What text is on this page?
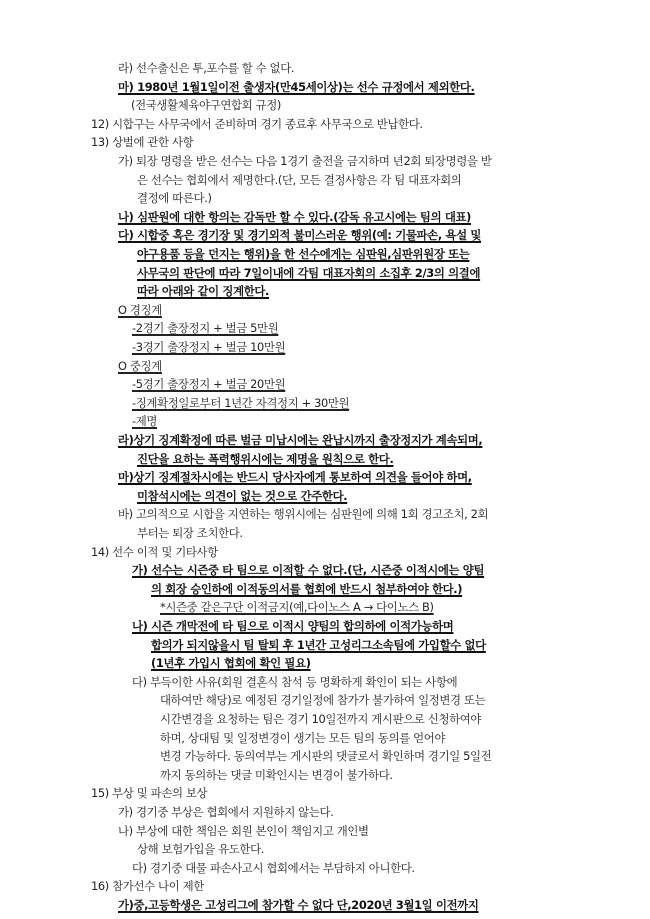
라) 선수출신은 투,포수를 할 수 없다.
마) 1980년 1월1일이전 출생자(만45세이상)는 선수 규정에서 제외한다.
(전국생활체육야구연합회 규정)
12) 시합구는 사무국에서 준비하며 경기 종료후 사무국으로 반납한다.
13) 상벌에 관한 사항
가) 퇴장 명령을 받은 선수는 다음 1경기 출전을 금지하며 년2회 퇴장명령을 받
은 선수는 협회에서 제명한다.(단, 모든 결정사항은 각 팀 대표자회의
결정에 따른다.)
나) 심판원에 대한 항의는 감독만 할 수 있다.(감독 유고시에는 팀의 대표)
다) 시합중 혹은 경기장 및 경기외적 불미스러운 행위(예: 기물파손, 욕설 및
야구용품 등을 던지는 행위)을 한 선수에게는 심판원,심판위원장 또는
사무국의 판단에 따라 7일이내에 각팀 대표자회의 소집후 2/3의 의결에
따라 아래와 같이 징계한다.
O 경징계
-2경기 출장정지 + 벌금 5만원
-3경기 출장정지 + 벌금 10만원
O 중징계
-5경기 출장정지 + 벌금 20만원
-징계확정일로부터 1년간 자격정지 + 30만원
-제명
라)상기 징계확정에 따른 벌금 미납시에는 완납시까지 출장정지가 계속되며,
진단을 요하는 폭력행위시에는 제명을 원칙으로 한다.
마)상기 징계절차시에는 반드시 당사자에게 통보하여 의견을 들어야 하며,
미참석시에는 의견이 없는 것으로 간주한다.
바) 고의적으로 시합을 지연하는 행위시에는 심판원에 의해 1회 경고조치, 2회
부터는 퇴장 조치한다.
14) 선수 이적 및 기타사항
가) 선수는 시즌중 타 팀으로 이적할 수 없다.(단, 시즌중 이적시에는 양팀
의 회장 승인하에 이적동의서를 협회에 반드시 첨부하여야 한다.)
*시즌중 같은구단 이적금지(예,다이노스 A → 다이노스 B)
나) 시즌 개막전에 타 팀으로 이적시 양팀의 합의하에 이적가능하며
합의가 되지않을시 팀 탈퇴 후 1년간 고성리그소속팀에 가입할수 없다
(1년후 가입시 협회에 확인 필요)
다) 부득이한 사유(회원 결혼식 참석 등 명확하게 확인이 되는 사항에
대하여만 해당)로 예정된 경기일정에 참가가 불가하여 일정변경 또는
시간변경을 요청하는 팀은 경기 10일전까지 게시판으로 신청하여야
하며, 상대팀 및 일정변경이 생기는 모든 팀의 동의를 얻어야
변경 가능하다. 동의여부는 게시판의 댓글로서 확인하며 경기일 5일전
까지 동의하는 댓글 미확인시는 변경이 불가하다.
15) 부상 및 파손의 보상
가) 경기중 부상은 협회에서 지원하지 않는다.
나) 부상에 대한 책임은 회원 본인이 책임지고 개인별
상해 보험가입을 유도한다.
다) 경기중 대물 파손사고시 협회에서는 부담하지 아니한다.
16) 참가선수 나이 제한
가)중,고등학생은 고성리그에 참가할 수 없다 단,2020년 3월1일 이전까지
